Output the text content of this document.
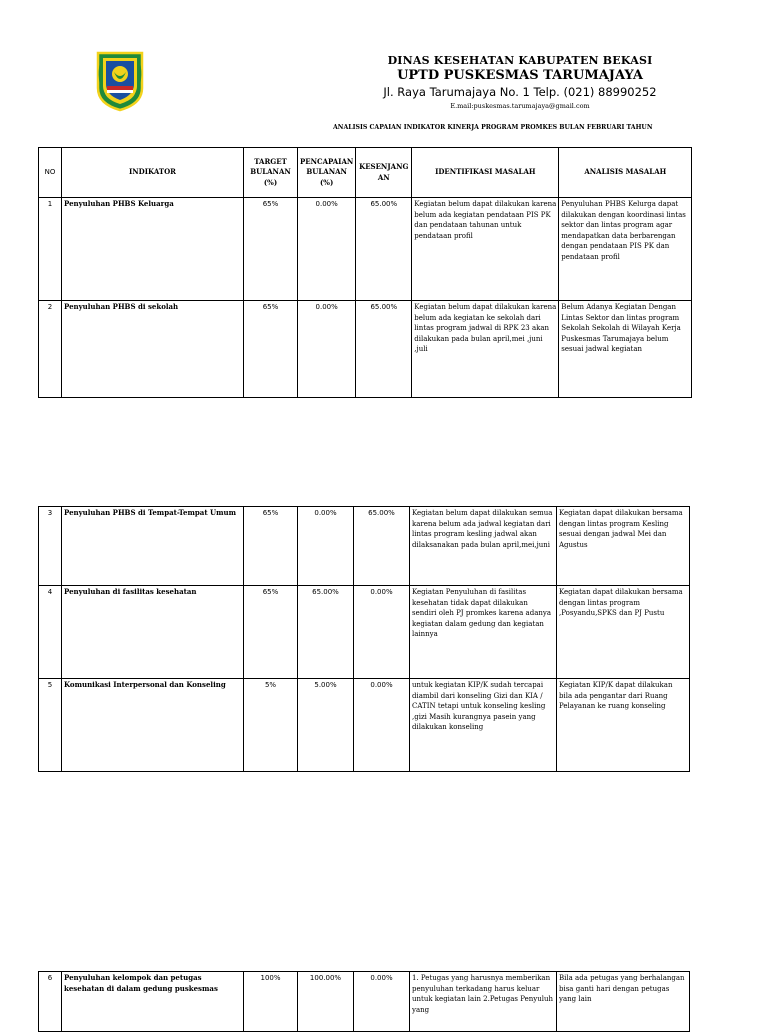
DINAS KESEHATAN KABUPATEN BEKASI
UPTD PUSKESMAS TARUMAJAYA
Jl. Raya Tarumajaya No. 1 Telp. (021) 88990252
E.mail:puskesmas.tarumajaya@gmail.com
ANALISIS CAPAIAN INDIKATOR KINERJA PROGRAM PROMKES BULAN FEBRUARI TAHUN
NO	INDIKATOR	TARGET BULANAN (%)	PENCAPAIAN BULANAN (%)	KESENJANGAN	IDENTIFIKASI MASALAH	ANALISIS MASALAH
1	Penyuluhan PHBS Keluarga	65%	0.00%	65.00%	Kegiatan belum dapat dilakukan karena belum ada kegiatan pendataan PIS PK dan pendataan tahunan untuk pendataan profil	Penyuluhan PHBS Kelurga dapat dilakukan dengan koordinasi lintas sektor dan lintas program agar mendapatkan data berbarengan dengan pendataan PIS PK dan pendataan profil
2	Penyuluhan PHBS di sekolah	65%	0.00%	65.00%	Kegiatan belum dapat dilakukan karena belum ada kegiatan ke sekolah dari lintas program jadwal di RPK 23 akan dilakukan pada bulan april,mei ,juni ,juli	Belum Adanya Kegiatan Dengan Lintas Sektor dan lintas program Sekolah Sekolah di Wilayah Kerja Puskesmas Tarumajaya belum sesuai jadwal kegiatan
3	Penyuluhan PHBS di Tempat-Tempat Umum	65%	0.00%	65.00%	Kegiatan belum dapat dilakukan semua karena belum ada jadwal kegiatan dari lintas program kesling jadwal akan dilaksanakan pada bulan april,mei,juni	Kegiatan dapat dilakukan bersama dengan lintas program Kesling sesuai dengan jadwal Mei dan Agustus
4	Penyuluhan di fasilitas kesehatan	65%	65.00%	0.00%	Kegiatan Penyuluhan di fasilitas kesehatan tidak dapat dilakukan sendiri oleh PJ promkes karena adanya kegiatan dalam gedung dan kegiatan lainnya	Kegiatan dapat dilakukan bersama dengan lintas program ,Posyandu,SPKS dan PJ Pustu
5	Komunikasi Interpersonal dan Konseling	5%	5.00%	0.00%	untuk kegiatan KIP/K sudah tercapai diambil dari konseling Gizi dan KIA / CATIN tetapi untuk konseling kesling ,gizi Masih kurangnya pasein yang dilakukan konseling	Kegiatan KIP/K dapat dilakukan bila ada pengantar dari Ruang Pelayanan ke ruang konseling
6	Penyuluhan kelompok dan petugas kesehatan di dalam gedung puskesmas	100%	100.00%	0.00%	1. Petugas yang harusnya memberikan penyuluhan terkadang harus keluar untuk kegiatan lain 2.Petugas Penyuluh yang	Bila ada petugas yang berhalangan bisa ganti hari dengan petugas yang lain
